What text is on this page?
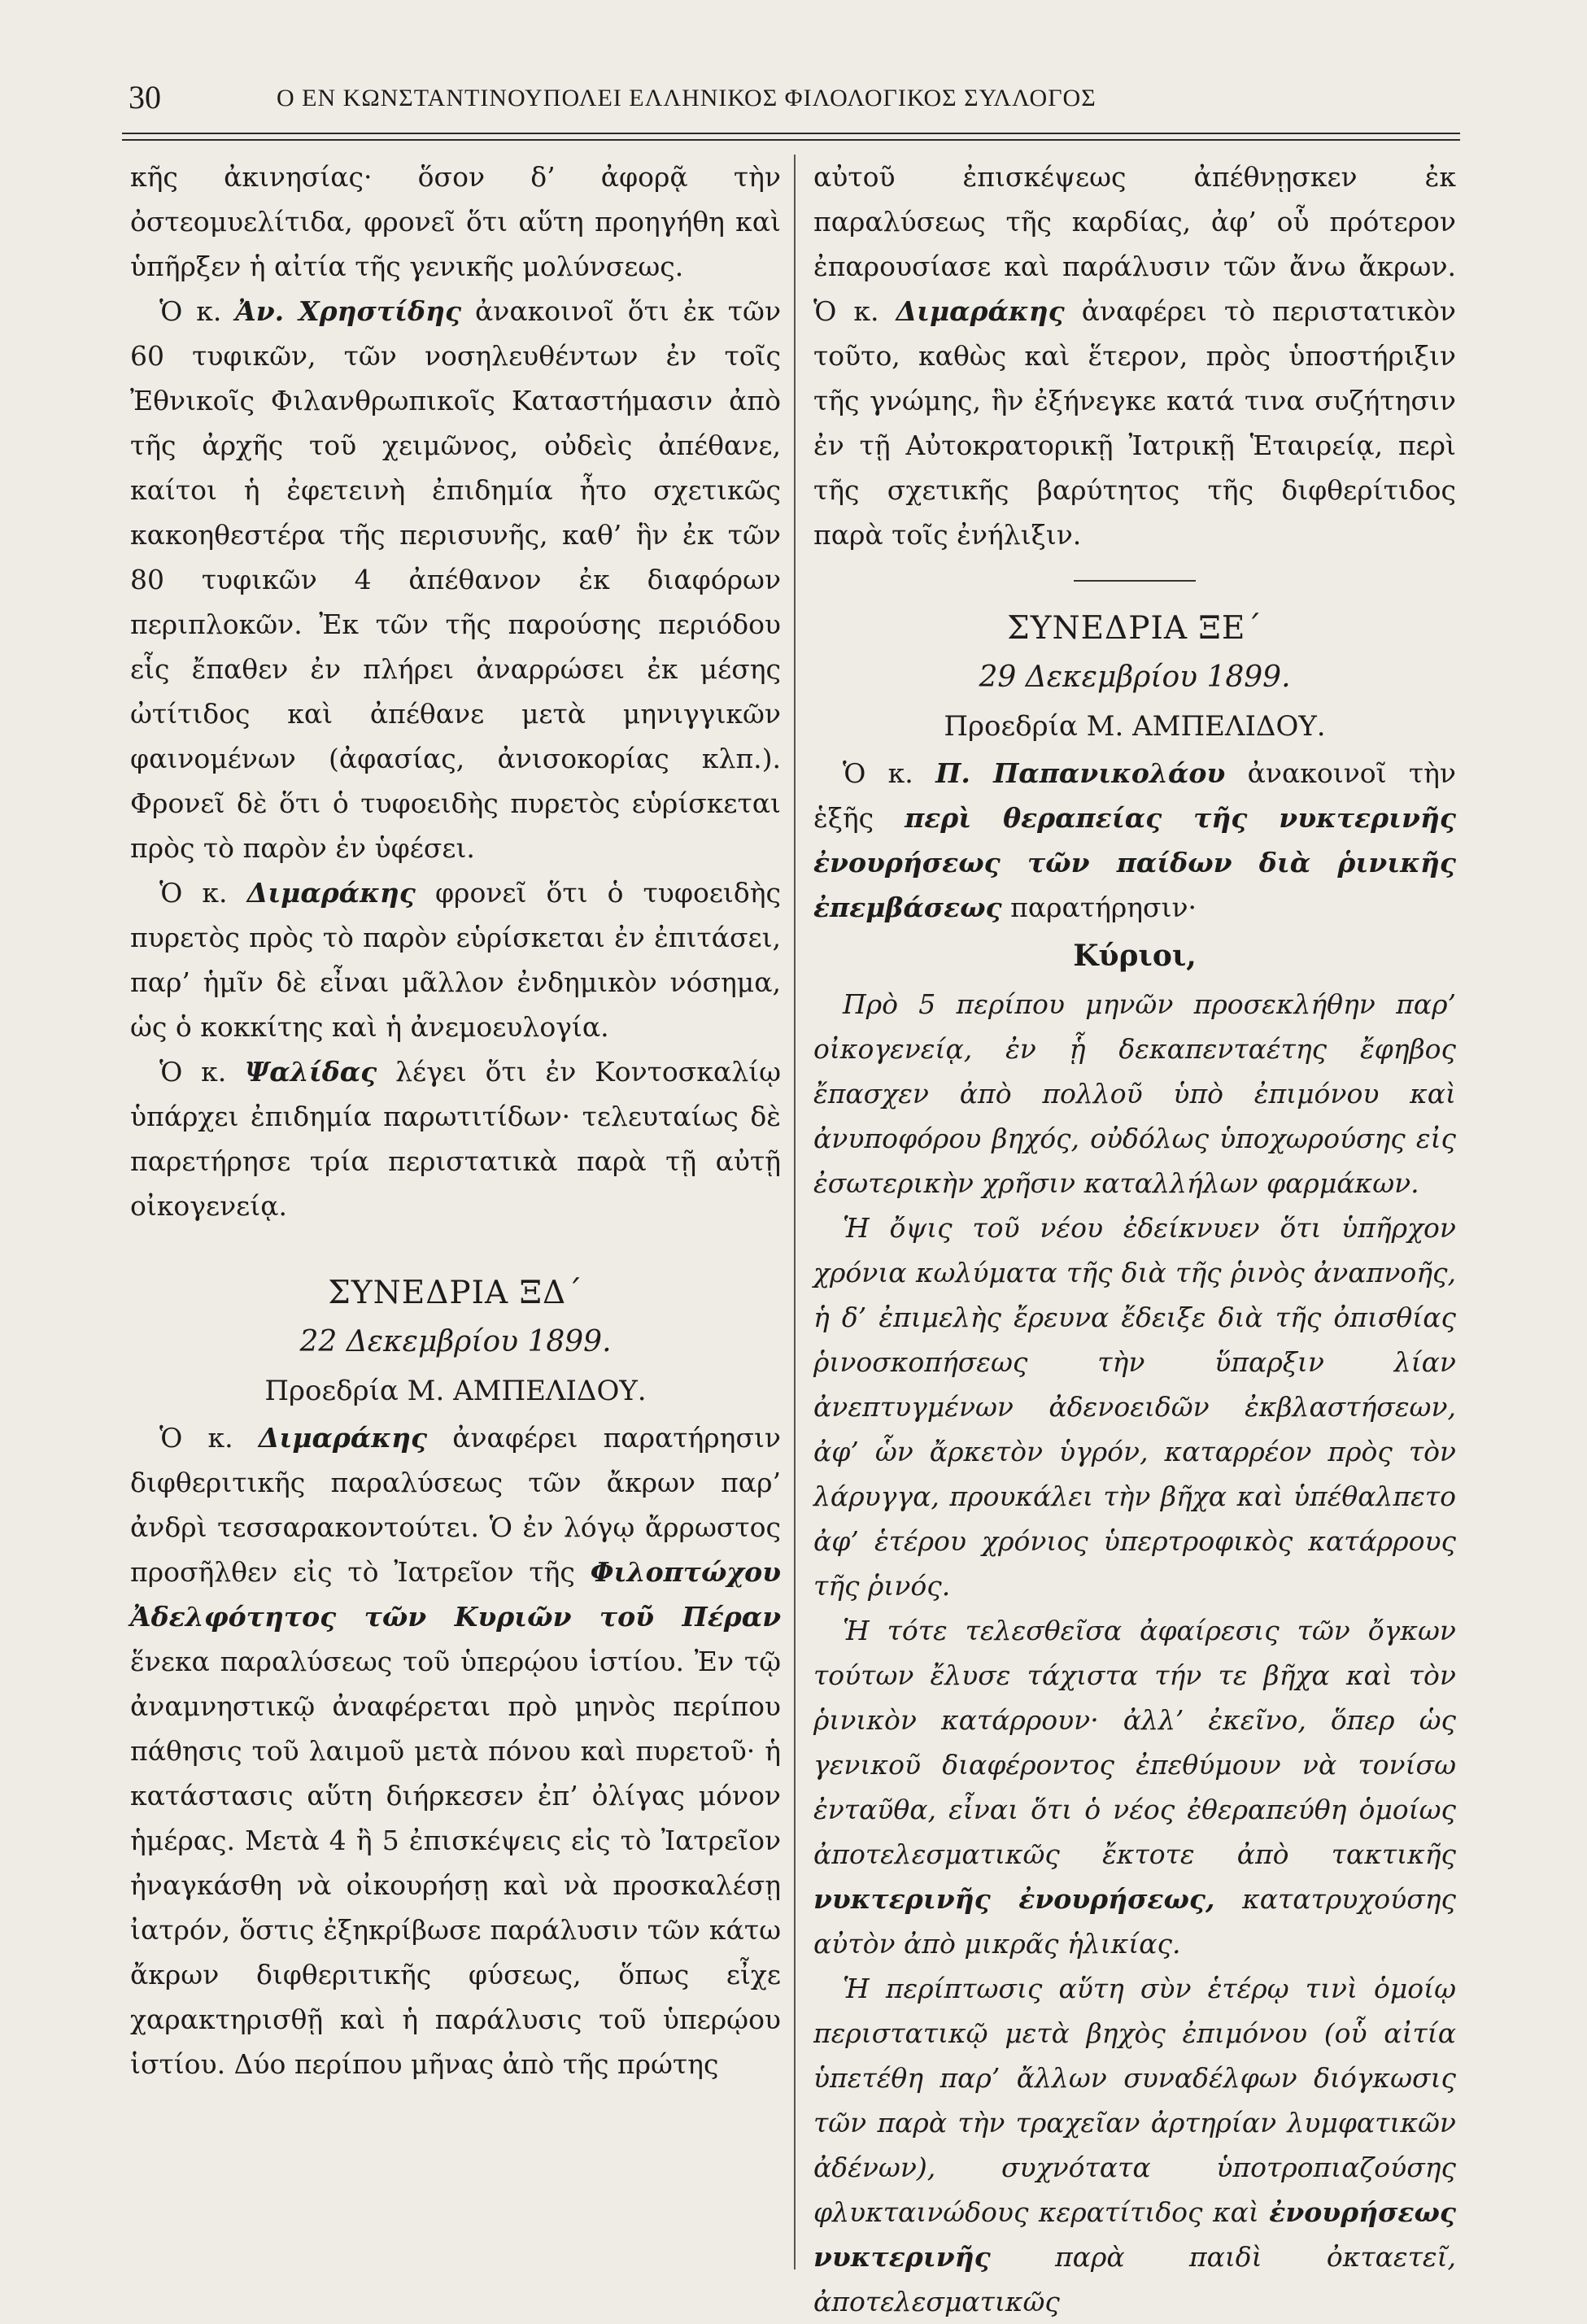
30	Ο ΕΝ ΚΩΝΣΤΑΝΤΙΝΟΥΠΟΛΕΙ ΕΛΛΗΝΙΚΟΣ ΦΙΛΟΛΟΓΙΚΟΣ ΣΥΛΛΟΓΟΣ

κῆς ἀκινησίας· ὅσον δ’ ἀφορᾷ τὴν ὀστεομυελίτιδα, φρονεῖ ὅτι αὕτη προηγήθη καὶ ὑπῆρξεν ἡ αἰτία τῆς γενικῆς μολύνσεως.

Ὁ κ. Ἀν. Χρηστίδης ἀνακοινοῖ ὅτι ἐκ τῶν 60 τυφικῶν, τῶν νοσηλευθέντων ἐν τοῖς Ἐθνικοῖς Φιλανθρωπικοῖς Καταστήμασιν ἀπὸ τῆς ἀρχῆς τοῦ χειμῶνος, οὐδεὶς ἀπέθανε, καίτοι ἡ ἐφετεινὴ ἐπιδημία ἦτο σχετικῶς κακοηθεστέρα τῆς περισυνῆς, καθ’ ἣν ἐκ τῶν 80 τυφικῶν 4 ἀπέθανον ἐκ διαφόρων περιπλοκῶν. Ἐκ τῶν τῆς παρούσης περιόδου εἷς ἔπαθεν ἐν πλήρει ἀναρρώσει ἐκ μέσης ὠτίτιδος καὶ ἀπέθανε μετὰ μηνιγγικῶν φαινομένων (ἀφασίας, ἀνισοκορίας κλπ.). Φρονεῖ δὲ ὅτι ὁ τυφοειδὴς πυρετὸς εὑρίσκεται πρὸς τὸ παρὸν ἐν ὑφέσει.

Ὁ κ. Διμαράκης φρονεῖ ὅτι ὁ τυφοειδὴς πυρετὸς πρὸς τὸ παρὸν εὑρίσκεται ἐν ἐπιτάσει, παρ’ ἡμῖν δὲ εἶναι μᾶλλον ἐνδημικὸν νόσημα, ὡς ὁ κοκκίτης καὶ ἡ ἀνεμοευλογία.

Ὁ κ. Ψαλίδας λέγει ὅτι ἐν Κοντοσκαλίῳ ὑπάρχει ἐπιδημία παρωτιτίδων· τελευταίως δὲ παρετήρησε τρία περιστατικὰ παρὰ τῇ αὐτῇ οἰκογενείᾳ.

ΣΥΝΕΔΡΙΑ ΞΔ΄

22 Δεκεμβρίου 1899.

Προεδρία Μ. ΑΜΠΕΛΙΔΟΥ.

Ὁ κ. Διμαράκης ἀναφέρει παρατήρησιν διφθεριτικῆς παραλύσεως τῶν ἄκρων παρ’ ἀνδρὶ τεσσαρακοντούτει. Ὁ ἐν λόγῳ ἄρρωστος προσῆλθεν εἰς τὸ Ἰατρεῖον τῆς Φιλοπτώχου Ἀδελφότητος τῶν Κυριῶν τοῦ Πέραν ἕνεκα παραλύσεως τοῦ ὑπερῴου ἱστίου. Ἐν τῷ ἀναμνηστικῷ ἀναφέρεται πρὸ μηνὸς περίπου πάθησις τοῦ λαιμοῦ μετὰ πόνου καὶ πυρετοῦ· ἡ κατάστασις αὕτη διήρκεσεν ἐπ’ ὀλίγας μόνον ἡμέρας. Μετὰ 4 ἢ 5 ἐπισκέψεις εἰς τὸ Ἰατρεῖον ἠναγκάσθη νὰ οἰκουρήσῃ καὶ νὰ προσκαλέσῃ ἰατρόν, ὅστις ἐξηκρίβωσε παράλυσιν τῶν κάτω ἄκρων διφθεριτικῆς φύσεως, ὅπως εἶχε χαρακτηρισθῇ καὶ ἡ παράλυσις τοῦ ὑπερῴου ἱστίου. Δύο περίπου μῆνας ἀπὸ τῆς πρώτης

αὐτοῦ ἐπισκέψεως ἀπέθνῃσκεν ἐκ παραλύσεως τῆς καρδίας, ἀφ’ οὗ πρότερον ἐπαρουσίασε καὶ παράλυσιν τῶν ἄνω ἄκρων. Ὁ κ. Διμαράκης ἀναφέρει τὸ περιστατικὸν τοῦτο, καθὼς καὶ ἕτερον, πρὸς ὑποστήριξιν τῆς γνώμης, ἣν ἐξήνεγκε κατά τινα συζήτησιν ἐν τῇ Αὐτοκρατορικῇ Ἰατρικῇ Ἑταιρείᾳ, περὶ τῆς σχετικῆς βαρύτητος τῆς διφθερίτιδος παρὰ τοῖς ἐνήλιξιν.

ΣΥΝΕΔΡΙΑ ΞΕ΄

29 Δεκεμβρίου 1899.

Προεδρία Μ. ΑΜΠΕΛΙΔΟΥ.

Ὁ κ. Π. Παπανικολάου ἀνακοινοῖ τὴν ἑξῆς περὶ θεραπείας τῆς νυκτερινῆς ἐνουρήσεως τῶν παίδων διὰ ῥινικῆς ἐπεμβάσεως παρατήρησιν·

Κύριοι,

Πρὸ 5 περίπου μηνῶν προσεκλήθην παρ’ οἰκογενείᾳ, ἐν ᾗ δεκαπενταέτης ἔφηβος ἔπασχεν ἀπὸ πολλοῦ ὑπὸ ἐπιμόνου καὶ ἀνυποφόρου βηχός, οὐδόλως ὑποχωρούσης εἰς ἐσωτερικὴν χρῆσιν καταλλήλων φαρμάκων.

Ἡ ὄψις τοῦ νέου ἐδείκνυεν ὅτι ὑπῆρχον χρόνια κωλύματα τῆς διὰ τῆς ῥινὸς ἀναπνοῆς, ἡ δ’ ἐπιμελὴς ἔρευνα ἔδειξε διὰ τῆς ὀπισθίας ῥινοσκοπήσεως τὴν ὕπαρξιν λίαν ἀνεπτυγμένων ἀδενοειδῶν ἐκβλαστήσεων, ἀφ’ ὧν ἄρκετὸν ὑγρόν, καταρρέον πρὸς τὸν λάρυγγα, προυκάλει τὴν βῆχα καὶ ὑπέθαλπετο ἀφ’ ἑτέρου χρόνιος ὑπερτροφικὸς κατάρρους τῆς ῥινός.

Ἡ τότε τελεσθεῖσα ἀφαίρεσις τῶν ὄγκων τούτων ἔλυσε τάχιστα τήν τε βῆχα καὶ τὸν ῥινικὸν κατάρρουν· ἀλλ’ ἐκεῖνο, ὅπερ ὡς γενικοῦ διαφέροντος ἐπεθύμουν νὰ τονίσω ἐνταῦθα, εἶναι ὅτι ὁ νέος ἐθεραπεύθη ὁμοίως ἀποτελεσματικῶς ἔκτοτε ἀπὸ τακτικῆς νυκτερινῆς ἐνουρήσεως, κατατρυχούσης αὐτὸν ἀπὸ μικρᾶς ἡλικίας.

Ἡ περίπτωσις αὕτη σὺν ἑτέρῳ τινὶ ὁμοίῳ περιστατικῷ μετὰ βηχὸς ἐπιμόνου (οὗ αἰτία ὑπετέθη παρ’ ἄλλων συναδέλφων διόγκωσις τῶν παρὰ τὴν τραχεῖαν ἀρτηρίαν λυμφατικῶν ἀδένων), συχνότατα ὑποτροπιαζούσης φλυκταινώδους κερατίτιδος καὶ ἐνουρήσεως νυκτερινῆς παρὰ παιδὶ ὀκταετεῖ, ἀποτελεσματικῶς
